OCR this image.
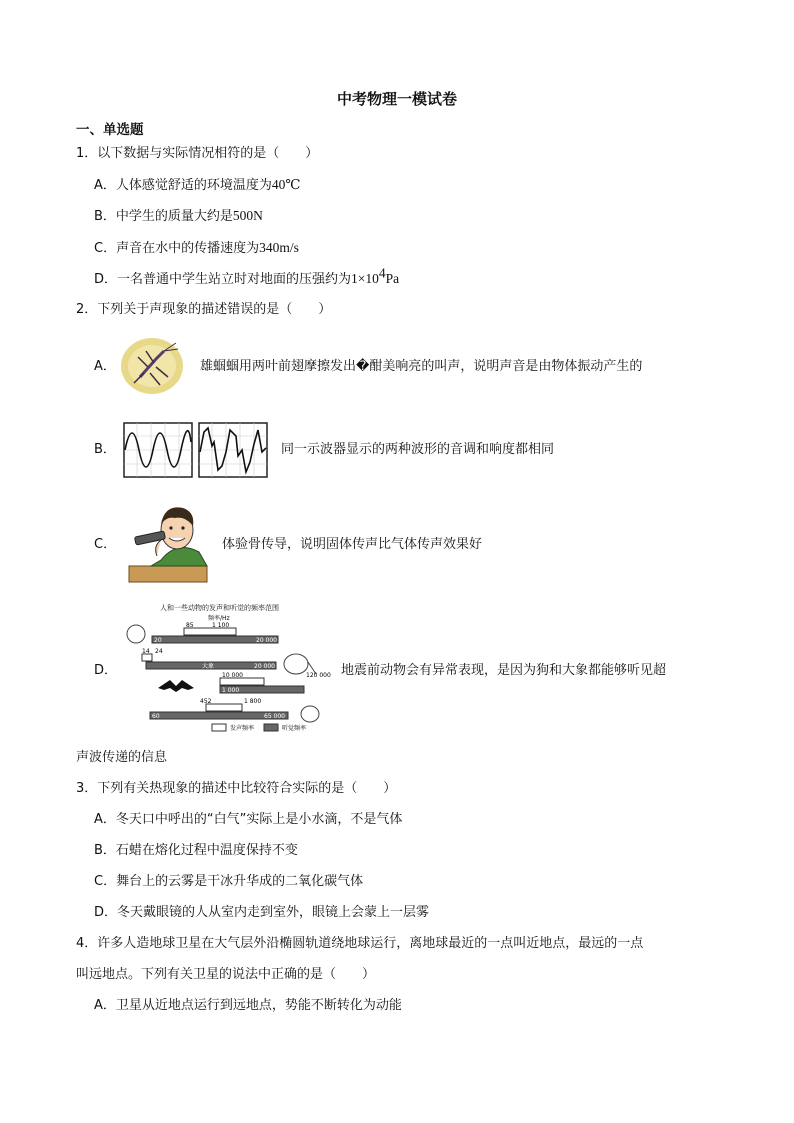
中考物理一模试卷
一、单选题
1．以下数据与实际情况相符的是（　　）
A．人体感觉舒适的环境温度为40℃
B．中学生的质量大约是500N
C．声音在水中的传播速度为340m/s
D．一名普通中学生站立时对地面的压强约为$1\times 10^4Pa$
2．下列关于声现象的描述错误的是（　　）
A．	雄蝈蝈用两叶前翅摩擦发出�酣美响亮的叫声，说明声音是由物体振动产生的
B．	同一示波器显示的两种波形的音调和响度都相同
C．	体验骨传导，说明固体传声比气体传声效果好
D．
人和一些动物的发声和听觉的频率范围
频率/Hz
85	1 100
20	20 000
14 24
大象	20 000
10 000	120 000
1 000
452	1 800
60	65 000
发声频率	听觉频率
地震前动物会有异常表现，是因为狗和大象都能够听见超
声波传递的信息
3．下列有关热现象的描述中比较符合实际的是（　　）
A．冬天口中呼出的“白气”实际上是小水滴，不是气体
B．石蜡在熔化过程中温度保持不变
C．舞台上的云雾是干冰升华成的二氧化碳气体
D．冬天戴眼镜的人从室内走到室外，眼镜上会蒙上一层雾
4．许多人造地球卫星在大气层外沿椭圆轨道绕地球运行，离地球最近的一点叫近地点，最远的一点
叫远地点。下列有关卫星的说法中正确的是（　　）
A．卫星从近地点运行到远地点，势能不断转化为动能
